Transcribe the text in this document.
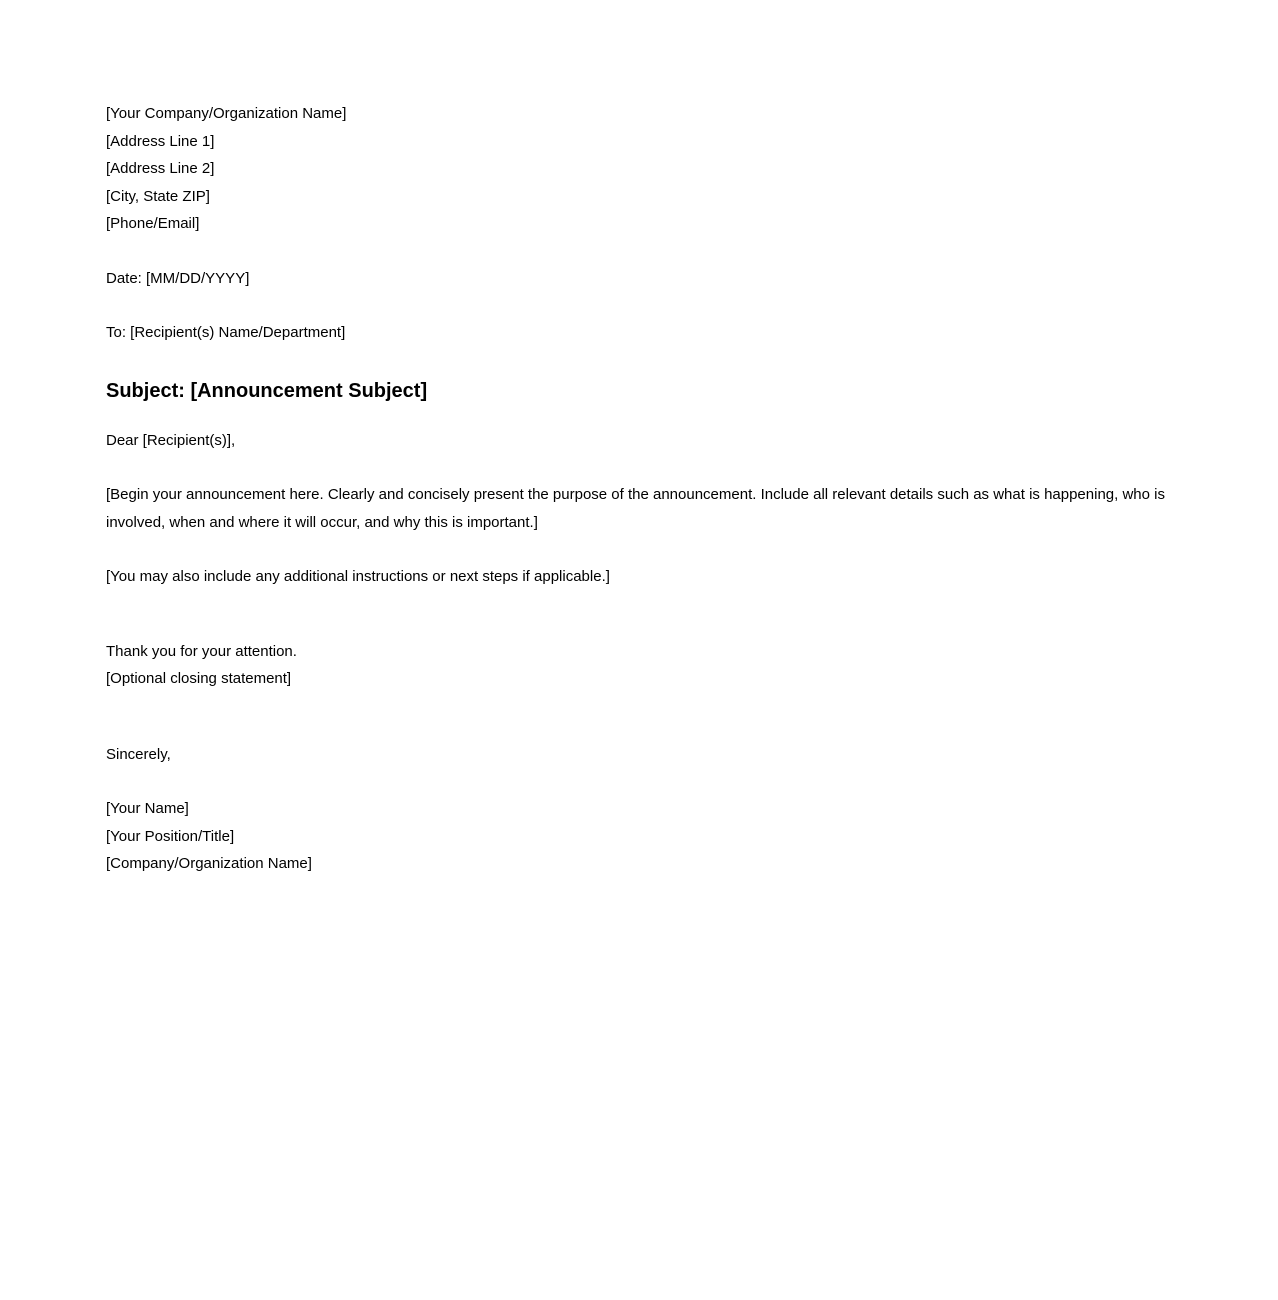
[Your Company/Organization Name]

[Address Line 1]

[Address Line 2]

[City, State ZIP]

[Phone/Email]

Date: [MM/DD/YYYY]

To: [Recipient(s) Name/Department]

Subject: [Announcement Subject]

Dear [Recipient(s)],

[Begin your announcement here. Clearly and concisely present the purpose of the announcement. Include all relevant details such as what is happening, who is involved, when and where it will occur, and why this is important.]

[You may also include any additional instructions or next steps if applicable.]

Thank you for your attention.

[Optional closing statement]

Sincerely,

[Your Name]

[Your Position/Title]

[Company/Organization Name]
